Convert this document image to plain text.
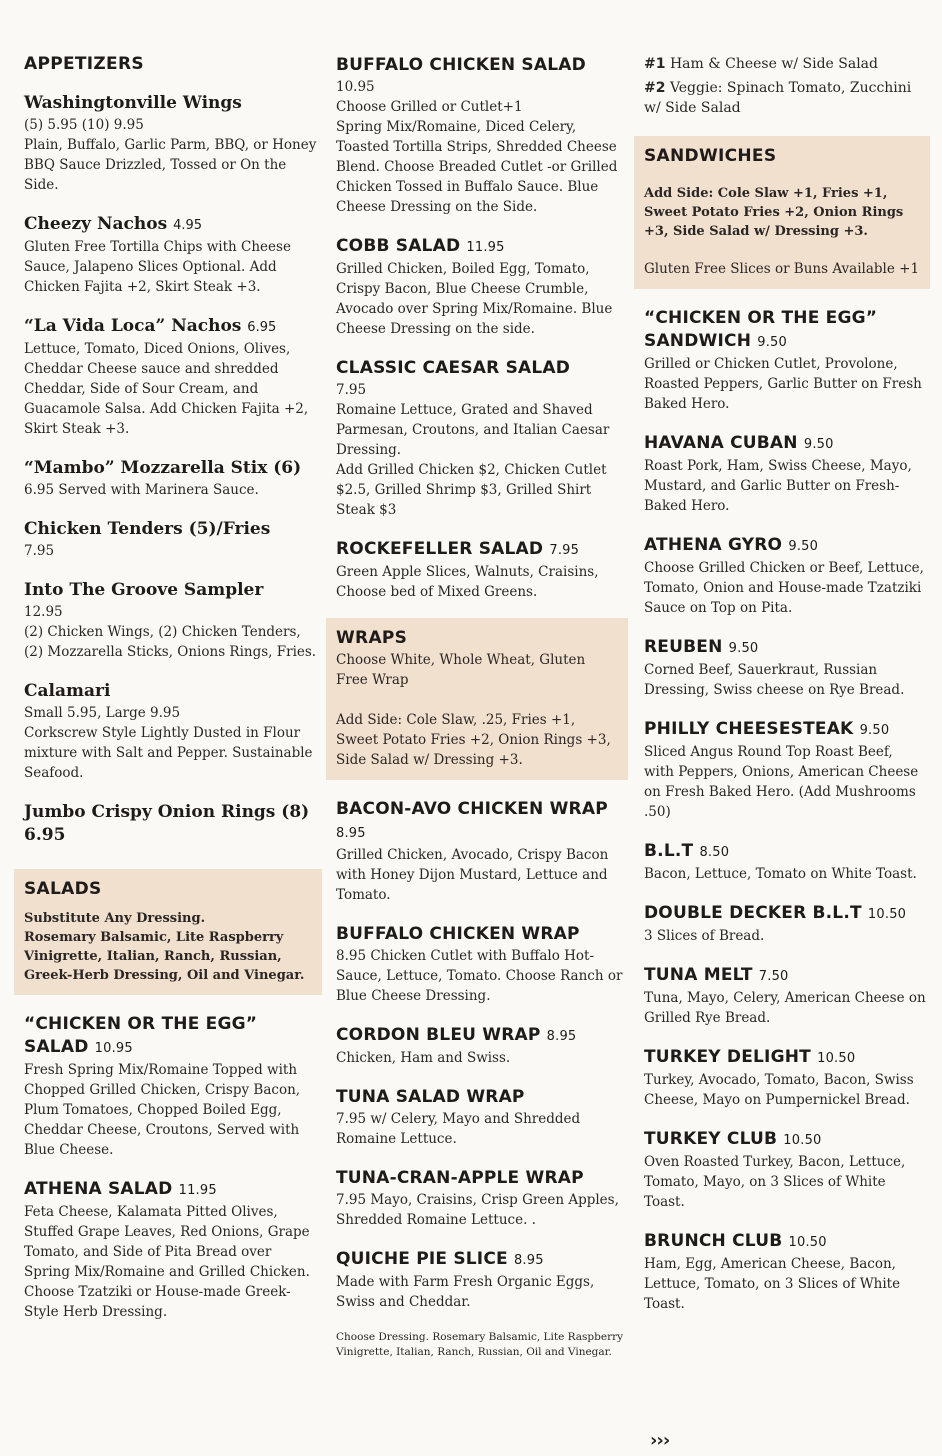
APPETIZERS
Washingtonville Wings
(5) 5.95 (10) 9.95
Plain, Buffalo, Garlic Parm, BBQ, or Honey BBQ Sauce Drizzled, Tossed or On the Side.
Cheezy Nachos 4.95
Gluten Free Tortilla Chips with Cheese Sauce, Jalapeno Slices Optional. Add Chicken Fajita +2, Skirt Steak +3.
“La Vida Loca” Nachos 6.95
Lettuce, Tomato, Diced Onions, Olives, Cheddar Cheese sauce and shredded Cheddar, Side of Sour Cream, and Guacamole Salsa. Add Chicken Fajita +2, Skirt Steak +3.
“Mambo” Mozzarella Stix (6)
6.95 Served with Marinera Sauce.
Chicken Tenders (5)/Fries
7.95
Into The Groove Sampler
12.95
(2) Chicken Wings, (2) Chicken Tenders, (2) Mozzarella Sticks, Onions Rings, Fries.
Calamari
Small 5.95, Large 9.95
Corkscrew Style Lightly Dusted in Flour mixture with Salt and Pepper. Sustainable Seafood.
Jumbo Crispy Onion Rings (8) 6.95
SALADS
Substitute Any Dressing.
Rosemary Balsamic, Lite Raspberry Vinigrette, Italian, Ranch, Russian, Greek-Herb Dressing, Oil and Vinegar.
“CHICKEN OR THE EGG” SALAD 10.95
Fresh Spring Mix/Romaine Topped with Chopped Grilled Chicken, Crispy Bacon, Plum Tomatoes, Chopped Boiled Egg, Cheddar Cheese, Croutons, Served with Blue Cheese.
ATHENA SALAD 11.95
Feta Cheese, Kalamata Pitted Olives, Stuffed Grape Leaves, Red Onions, Grape Tomato, and Side of Pita Bread over Spring Mix/Romaine and Grilled Chicken. Choose Tzatziki or House-made Greek-Style Herb Dressing.
BUFFALO CHICKEN SALAD
10.95
Choose Grilled or Cutlet+1
Spring Mix/Romaine, Diced Celery, Toasted Tortilla Strips, Shredded Cheese Blend. Choose Breaded Cutlet -or Grilled Chicken Tossed in Buffalo Sauce. Blue Cheese Dressing on the Side.
COBB SALAD 11.95
Grilled Chicken, Boiled Egg, Tomato, Crispy Bacon, Blue Cheese Crumble, Avocado over Spring Mix/Romaine. Blue Cheese Dressing on the side.
CLASSIC CAESAR SALAD
7.95
Romaine Lettuce, Grated and Shaved Parmesan, Croutons, and Italian Caesar Dressing.
Add Grilled Chicken $2, Chicken Cutlet $2.5, Grilled Shrimp $3, Grilled Shirt Steak $3
ROCKEFELLER SALAD 7.95
Green Apple Slices, Walnuts, Craisins, Choose bed of Mixed Greens.
WRAPS
Choose White, Whole Wheat, Gluten Free Wrap
Add Side: Cole Slaw, .25, Fries +1, Sweet Potato Fries +2, Onion Rings +3, Side Salad w/ Dressing +3.
BACON-AVO CHICKEN WRAP 8.95
Grilled Chicken, Avocado, Crispy Bacon with Honey Dijon Mustard, Lettuce and Tomato.
BUFFALO CHICKEN WRAP
8.95 Chicken Cutlet with Buffalo Hot-Sauce, Lettuce, Tomato. Choose Ranch or Blue Cheese Dressing.
CORDON BLEU WRAP 8.95
Chicken, Ham and Swiss.
TUNA SALAD WRAP
7.95 w/ Celery, Mayo and Shredded Romaine Lettuce.
TUNA-CRAN-APPLE WRAP
7.95 Mayo, Craisins, Crisp Green Apples, Shredded Romaine Lettuce. .
QUICHE PIE SLICE 8.95
Made with Farm Fresh Organic Eggs, Swiss and Cheddar.
Choose Dressing. Rosemary Balsamic, Lite Raspberry Vinigrette, Italian, Ranch, Russian, Oil and Vinegar.
#1 Ham & Cheese w/ Side Salad
#2 Veggie: Spinach Tomato, Zucchini w/ Side Salad
SANDWICHES
Add Side: Cole Slaw +1, Fries +1, Sweet Potato Fries +2, Onion Rings +3, Side Salad w/ Dressing +3.
Gluten Free Slices or Buns Available +1
“CHICKEN OR THE EGG” SANDWICH 9.50
Grilled or Chicken Cutlet, Provolone, Roasted Peppers, Garlic Butter on Fresh Baked Hero.
HAVANA CUBAN 9.50
Roast Pork, Ham, Swiss Cheese, Mayo, Mustard, and Garlic Butter on Fresh-Baked Hero.
ATHENA GYRO 9.50
Choose Grilled Chicken or Beef, Lettuce, Tomato, Onion and House-made Tzatziki Sauce on Top on Pita.
REUBEN 9.50
Corned Beef, Sauerkraut, Russian Dressing, Swiss cheese on Rye Bread.
PHILLY CHEESESTEAK 9.50
Sliced Angus Round Top Roast Beef, with Peppers, Onions, American Cheese on Fresh Baked Hero. (Add Mushrooms .50)
B.L.T 8.50
Bacon, Lettuce, Tomato on White Toast.
DOUBLE DECKER B.L.T 10.50
3 Slices of Bread.
TUNA MELT 7.50
Tuna, Mayo, Celery, American Cheese on Grilled Rye Bread.
TURKEY DELIGHT 10.50
Turkey, Avocado, Tomato, Bacon, Swiss Cheese, Mayo on Pumpernickel Bread.
TURKEY CLUB 10.50
Oven Roasted Turkey, Bacon, Lettuce, Tomato, Mayo, on 3 Slices of White Toast.
BRUNCH CLUB 10.50
Ham, Egg, American Cheese, Bacon, Lettuce, Tomato, on 3 Slices of White Toast.
›››
